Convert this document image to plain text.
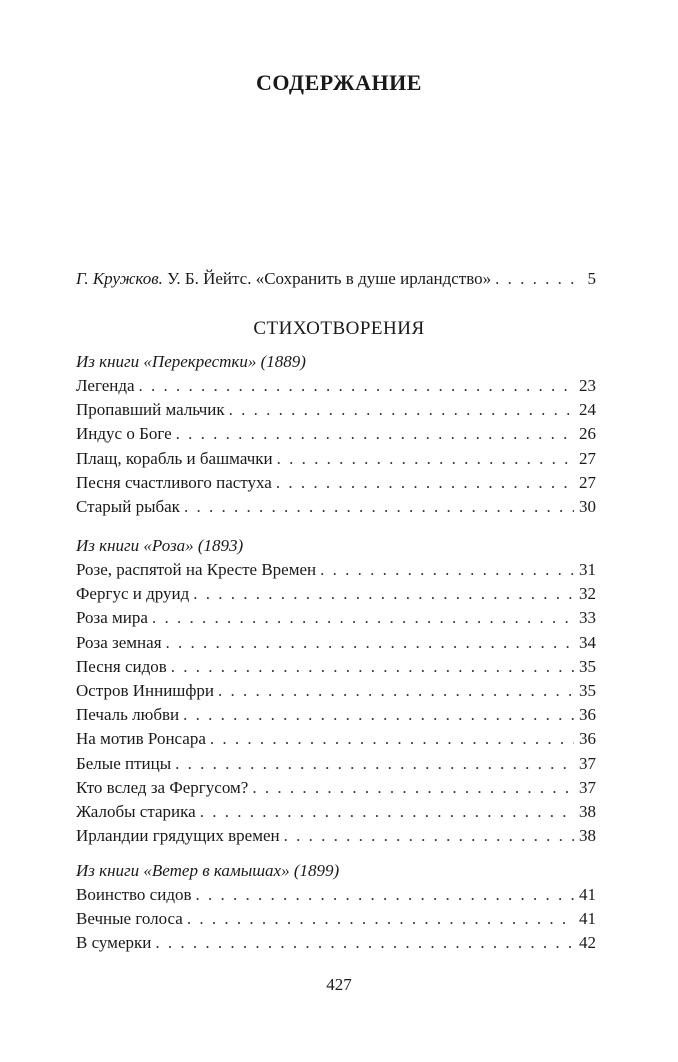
СОДЕРЖАНИЕ
Г. Кружков. У. Б. Йейтс. «Сохранить в душе ирландство» . . .	5
СТИХОТВОРЕНИЯ
Из книги «Перекрестки» (1889)
Легенда . . .	23
Пропавший мальчик . . .	24
Индус о Боге . . .	26
Плащ, корабль и башмачки . . .	27
Песня счастливого пастуха . . .	27
Старый рыбак . . .	30
Из книги «Роза» (1893)
Розе, распятой на Кресте Времен . . .	31
Фергус и друид . . .	32
Роза мира . . .	33
Роза земная . . .	34
Песня сидов . . .	35
Остров Иннишфри . . .	35
Печаль любви . . .	36
На мотив Ронсара . . .	36
Белые птицы . . .	37
Кто вслед за Фергусом? . . .	37
Жалобы старика . . .	38
Ирландии грядущих времен . . .	38
Из книги «Ветер в камышах» (1899)
Воинство сидов . . .	41
Вечные голоса . . .	41
В сумерки . . .	42
427
